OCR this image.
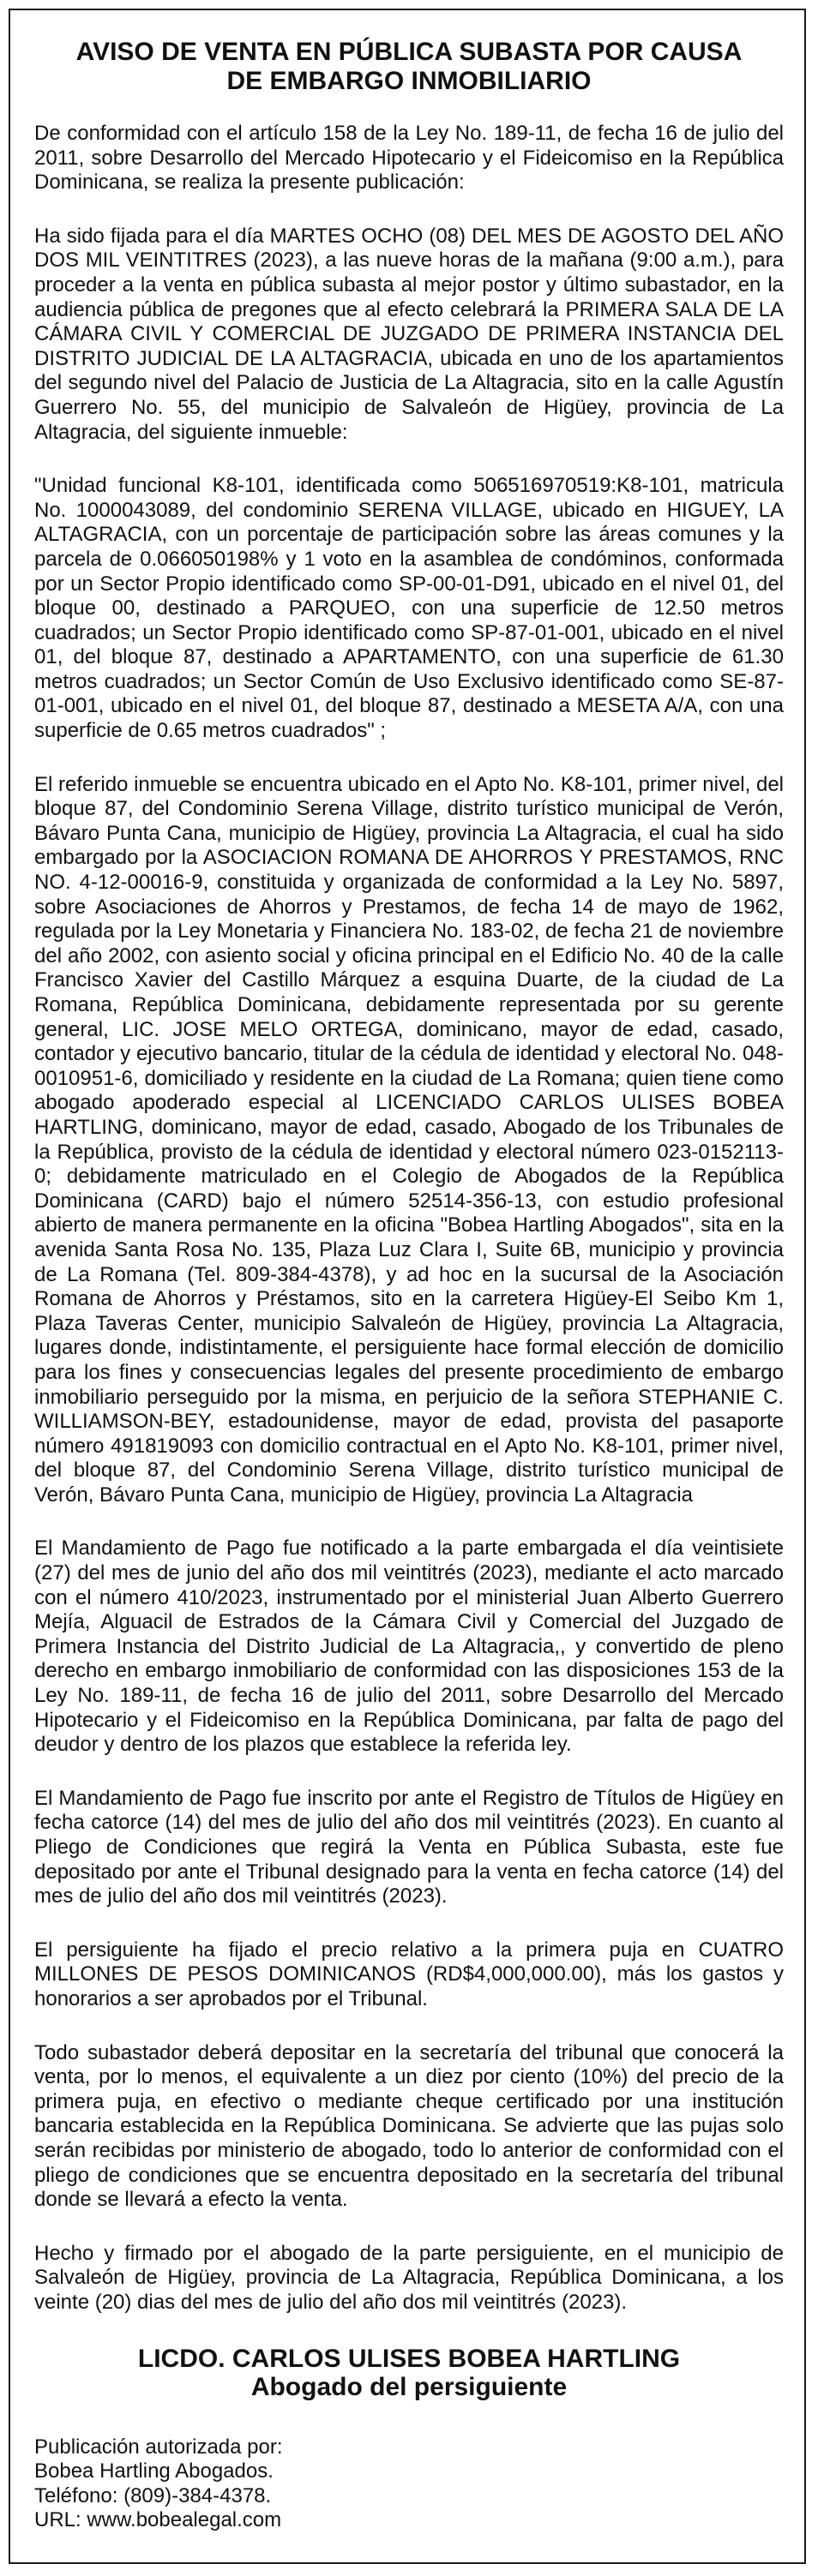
AVISO DE VENTA EN PÚBLICA SUBASTA POR CAUSA
DE EMBARGO INMOBILIARIO

De conformidad con el artículo 158 de la Ley No. 189-11, de fecha 16 de julio del 2011, sobre Desarrollo del Mercado Hipotecario y el Fideicomiso en la República Dominicana, se realiza la presente publicación:

Ha sido fijada para el día MARTES OCHO (08) DEL MES DE AGOSTO DEL AÑO DOS MIL VEINTITRES (2023), a las nueve horas de la mañana (9:00 a.m.), para proceder a la venta en pública subasta al mejor postor y último subastador, en la audiencia pública de pregones que al efecto celebrará la PRIMERA SALA DE LA CÁMARA CIVIL Y COMERCIAL DE JUZGADO DE PRIMERA INSTANCIA DEL DISTRITO JUDICIAL DE LA ALTAGRACIA, ubicada en uno de los apartamientos del segundo nivel del Palacio de Justicia de La Altagracia, sito en la calle Agustín Guerrero No. 55, del municipio de Salvaleón de Higüey, provincia de La Altagracia, del siguiente inmueble:

"Unidad funcional K8-101, identificada como 506516970519:K8-101, matricula No. 1000043089, del condominio SERENA VILLAGE, ubicado en HIGUEY, LA ALTAGRACIA, con un porcentaje de participación sobre las áreas comunes y la parcela de 0.066050198% y 1 voto en la asamblea de condóminos, conformada por un Sector Propio identificado como SP-00-01-D91, ubicado en el nivel 01, del bloque 00, destinado a PARQUEO, con una superficie de 12.50 metros cuadrados; un Sector Propio identificado como SP-87-01-001, ubicado en el nivel 01, del bloque 87, destinado a APARTAMENTO, con una superficie de 61.30 metros cuadrados; un Sector Común de Uso Exclusivo identificado como SE-87-01-001, ubicado en el nivel 01, del bloque 87, destinado a MESETA A/A, con una superficie de 0.65 metros cuadrados" ;

El referido inmueble se encuentra ubicado en el Apto No. K8-101, primer nivel, del bloque 87, del Condominio Serena Village, distrito turístico municipal de Verón, Bávaro Punta Cana, municipio de Higüey, provincia La Altagracia, el cual ha sido embargado por la ASOCIACION ROMANA DE AHORROS Y PRESTAMOS, RNC NO. 4-12-00016-9, constituida y organizada de conformidad a la Ley No. 5897, sobre Asociaciones de Ahorros y Prestamos, de fecha 14 de mayo de 1962, regulada por la Ley Monetaria y Financiera No. 183-02, de fecha 21 de noviembre del año 2002, con asiento social y oficina principal en el Edificio No. 40 de la calle Francisco Xavier del Castillo Márquez a esquina Duarte, de la ciudad de La Romana, República Dominicana, debidamente representada por su gerente general, LIC. JOSE MELO ORTEGA, dominicano, mayor de edad, casado, contador y ejecutivo bancario, titular de la cédula de identidad y electoral No. 048-0010951-6, domiciliado y residente en la ciudad de La Romana; quien tiene como abogado apoderado especial al LICENCIADO CARLOS ULISES BOBEA HARTLING, dominicano, mayor de edad, casado, Abogado de los Tribunales de la República, provisto de la cédula de identidad y electoral número 023-0152113-0; debidamente matriculado en el Colegio de Abogados de la República Dominicana (CARD) bajo el número 52514-356-13, con estudio profesional abierto de manera permanente en la oficina "Bobea Hartling Abogados", sita en la avenida Santa Rosa No. 135, Plaza Luz Clara I, Suite 6B, municipio y provincia de La Romana (Tel. 809-384-4378), y ad hoc en la sucursal de la Asociación Romana de Ahorros y Préstamos, sito en la carretera Higüey-El Seibo Km 1, Plaza Taveras Center, municipio Salvaleón de Higüey, provincia La Altagracia, lugares donde, indistintamente, el persiguiente hace formal elección de domicilio para los fines y consecuencias legales del presente procedimiento de embargo inmobiliario perseguido por la misma, en perjuicio de la señora STEPHANIE C. WILLIAMSON-BEY, estadounidense, mayor de edad, provista del pasaporte número 491819093 con domicilio contractual en el Apto No. K8-101, primer nivel, del bloque 87, del Condominio Serena Village, distrito turístico municipal de Verón, Bávaro Punta Cana, municipio de Higüey, provincia La Altagracia

El Mandamiento de Pago fue notificado a la parte embargada el día veintisiete (27) del mes de junio del año dos mil veintitrés (2023), mediante el acto marcado con el número 410/2023, instrumentado por el ministerial Juan Alberto Guerrero Mejía, Alguacil de Estrados de la Cámara Civil y Comercial del Juzgado de Primera Instancia del Distrito Judicial de La Altagracia,, y convertido de pleno derecho en embargo inmobiliario de conformidad con las disposiciones 153 de la Ley No. 189-11, de fecha 16 de julio del 2011, sobre Desarrollo del Mercado Hipotecario y el Fideicomiso en la República Dominicana, par falta de pago del deudor y dentro de los plazos que establece la referida ley.

El Mandamiento de Pago fue inscrito por ante el Registro de Títulos de Higüey en fecha catorce (14) del mes de julio del año dos mil veintitrés (2023). En cuanto al Pliego de Condiciones que regirá la Venta en Pública Subasta, este fue depositado por ante el Tribunal designado para la venta en fecha catorce (14) del mes de julio del año dos mil veintitrés (2023).

El persiguiente ha fijado el precio relativo a la primera puja en CUATRO MILLONES DE PESOS DOMINICANOS (RD$4,000,000.00), más los gastos y honorarios a ser aprobados por el Tribunal.

Todo subastador deberá depositar en la secretaría del tribunal que conocerá la venta, por lo menos, el equivalente a un diez por ciento (10%) del precio de la primera puja, en efectivo o mediante cheque certificado por una institución bancaria establecida en la República Dominicana. Se advierte que las pujas solo serán recibidas por ministerio de abogado, todo lo anterior de conformidad con el pliego de condiciones que se encuentra depositado en la secretaría del tribunal donde se llevará a efecto la venta.

Hecho y firmado por el abogado de la parte persiguiente, en el municipio de Salvaleón de Higüey, provincia de La Altagracia, República Dominicana, a los veinte (20) dias del mes de julio del año dos mil veintitrés (2023).

LICDO. CARLOS ULISES BOBEA HARTLING
Abogado del persiguiente
Publicación autorizada por:
Bobea Hartling Abogados.
Teléfono: (809)-384-4378.
URL: www.bobealegal.com
